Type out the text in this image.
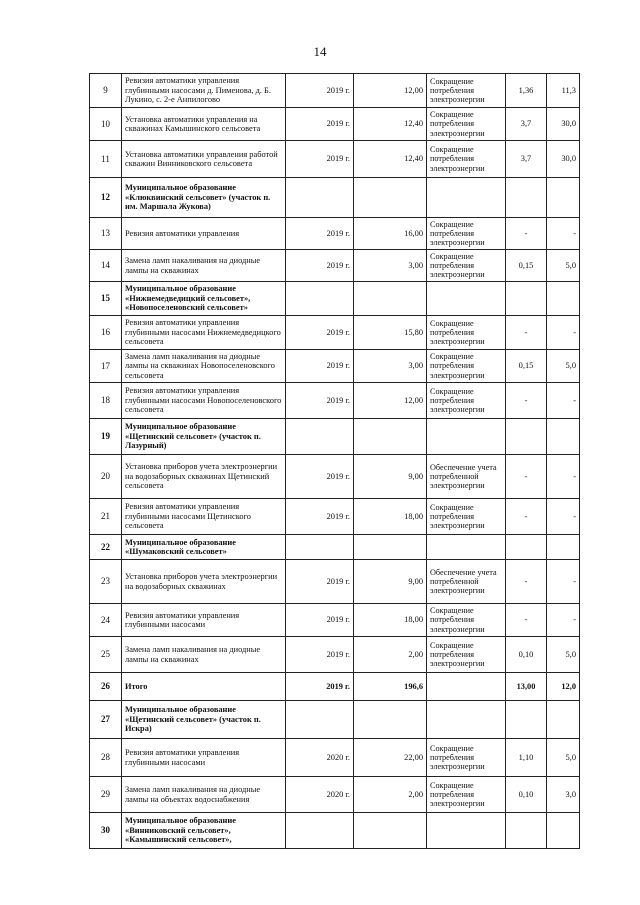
14
9	Ревизия автоматики управления глубинными насосами д. Пименова, д. Б. Лукино, с. 2-е Анпилогово	2019 г.	12,00	Сокращение потребления электроэнергии	1,36	11,3
10	Установка автоматики управления на скважинах Камышинского сельсовета	2019 г.	12,40	Сокращение потребления электроэнергии	3,7	30,0
11	Установка автоматики управления работой скважин Винниковского сельсовета	2019 г.	12,40	Сокращение потребления электроэнергии	3,7	30,0
12	Муниципальное образование «Клюквинский сельсовет» (участок п. им. Маршала Жукова)					
13	Ревизия автоматики управления	2019 г.	16,00	Сокращение потребления электроэнергии	-	-
14	Замена ламп накаливания на диодные лампы на скважинах	2019 г.	3,00	Сокращение потребления электроэнергии	0,15	5,0
15	Муниципальное образование «Нижнемедведицкий сельсовет», «Новопоселеновский сельсовет»					
16	Ревизия автоматики управления глубинными насосами Нижнемедведицкого сельсовета	2019 г.	15,80	Сокращение потребления электроэнергии	-	-
17	Замена ламп накаливания на диодные лампы на скважинах Новопоселеновского сельсовета	2019 г.	3,00	Сокращение потребления электроэнергии	0,15	5,0
18	Ревизия автоматики управления глубинными насосами Новопоселеновского сельсовета	2019 г.	12,00	Сокращение потребления электроэнергии	-	-
19	Муниципальное образование «Щетинский сельсовет» (участок п. Лазурный)					
20	Установка приборов учета электроэнергии на водозаборных скважинах Щетинский сельсовета	2019 г.	9,00	Обеспечение учета потребленной электроэнергии	-	-
21	Ревизия автоматики управления глубинными насосами Щетинского сельсовета	2019 г.	18,00	Сокращение потребления электроэнергии	-	-
22	Муниципальное образование «Шумаковский сельсовет»					
23	Установка приборов учета электроэнергии на водозаборных скважинах	2019 г.	9,00	Обеспечение учета потребленной электроэнергии	-	-
24	Ревизия автоматики управления глубинными насосами	2019 г.	18,00	Сокращение потребления электроэнергии	-	-
25	Замена ламп накаливания на диодные лампы на скважинах	2019 г.	2,00	Сокращение потребления электроэнергии	0,10	5,0
26	Итого	2019 г.	196,6		13,00	12,0
27	Муниципальное образование «Щетинский сельсовет» (участок п. Искра)					
28	Ревизия автоматики управления глубинными насосами	2020 г.	22,00	Сокращение потребления электроэнергии	1,10	5,0
29	Замена ламп накаливания на диодные лампы на объектах водоснабжения	2020 г.	2,00	Сокращение потребления электроэнергии	0,10	3,0
30	Муниципальное образование «Винниковский сельсовет», «Камышинский сельсовет»,					
